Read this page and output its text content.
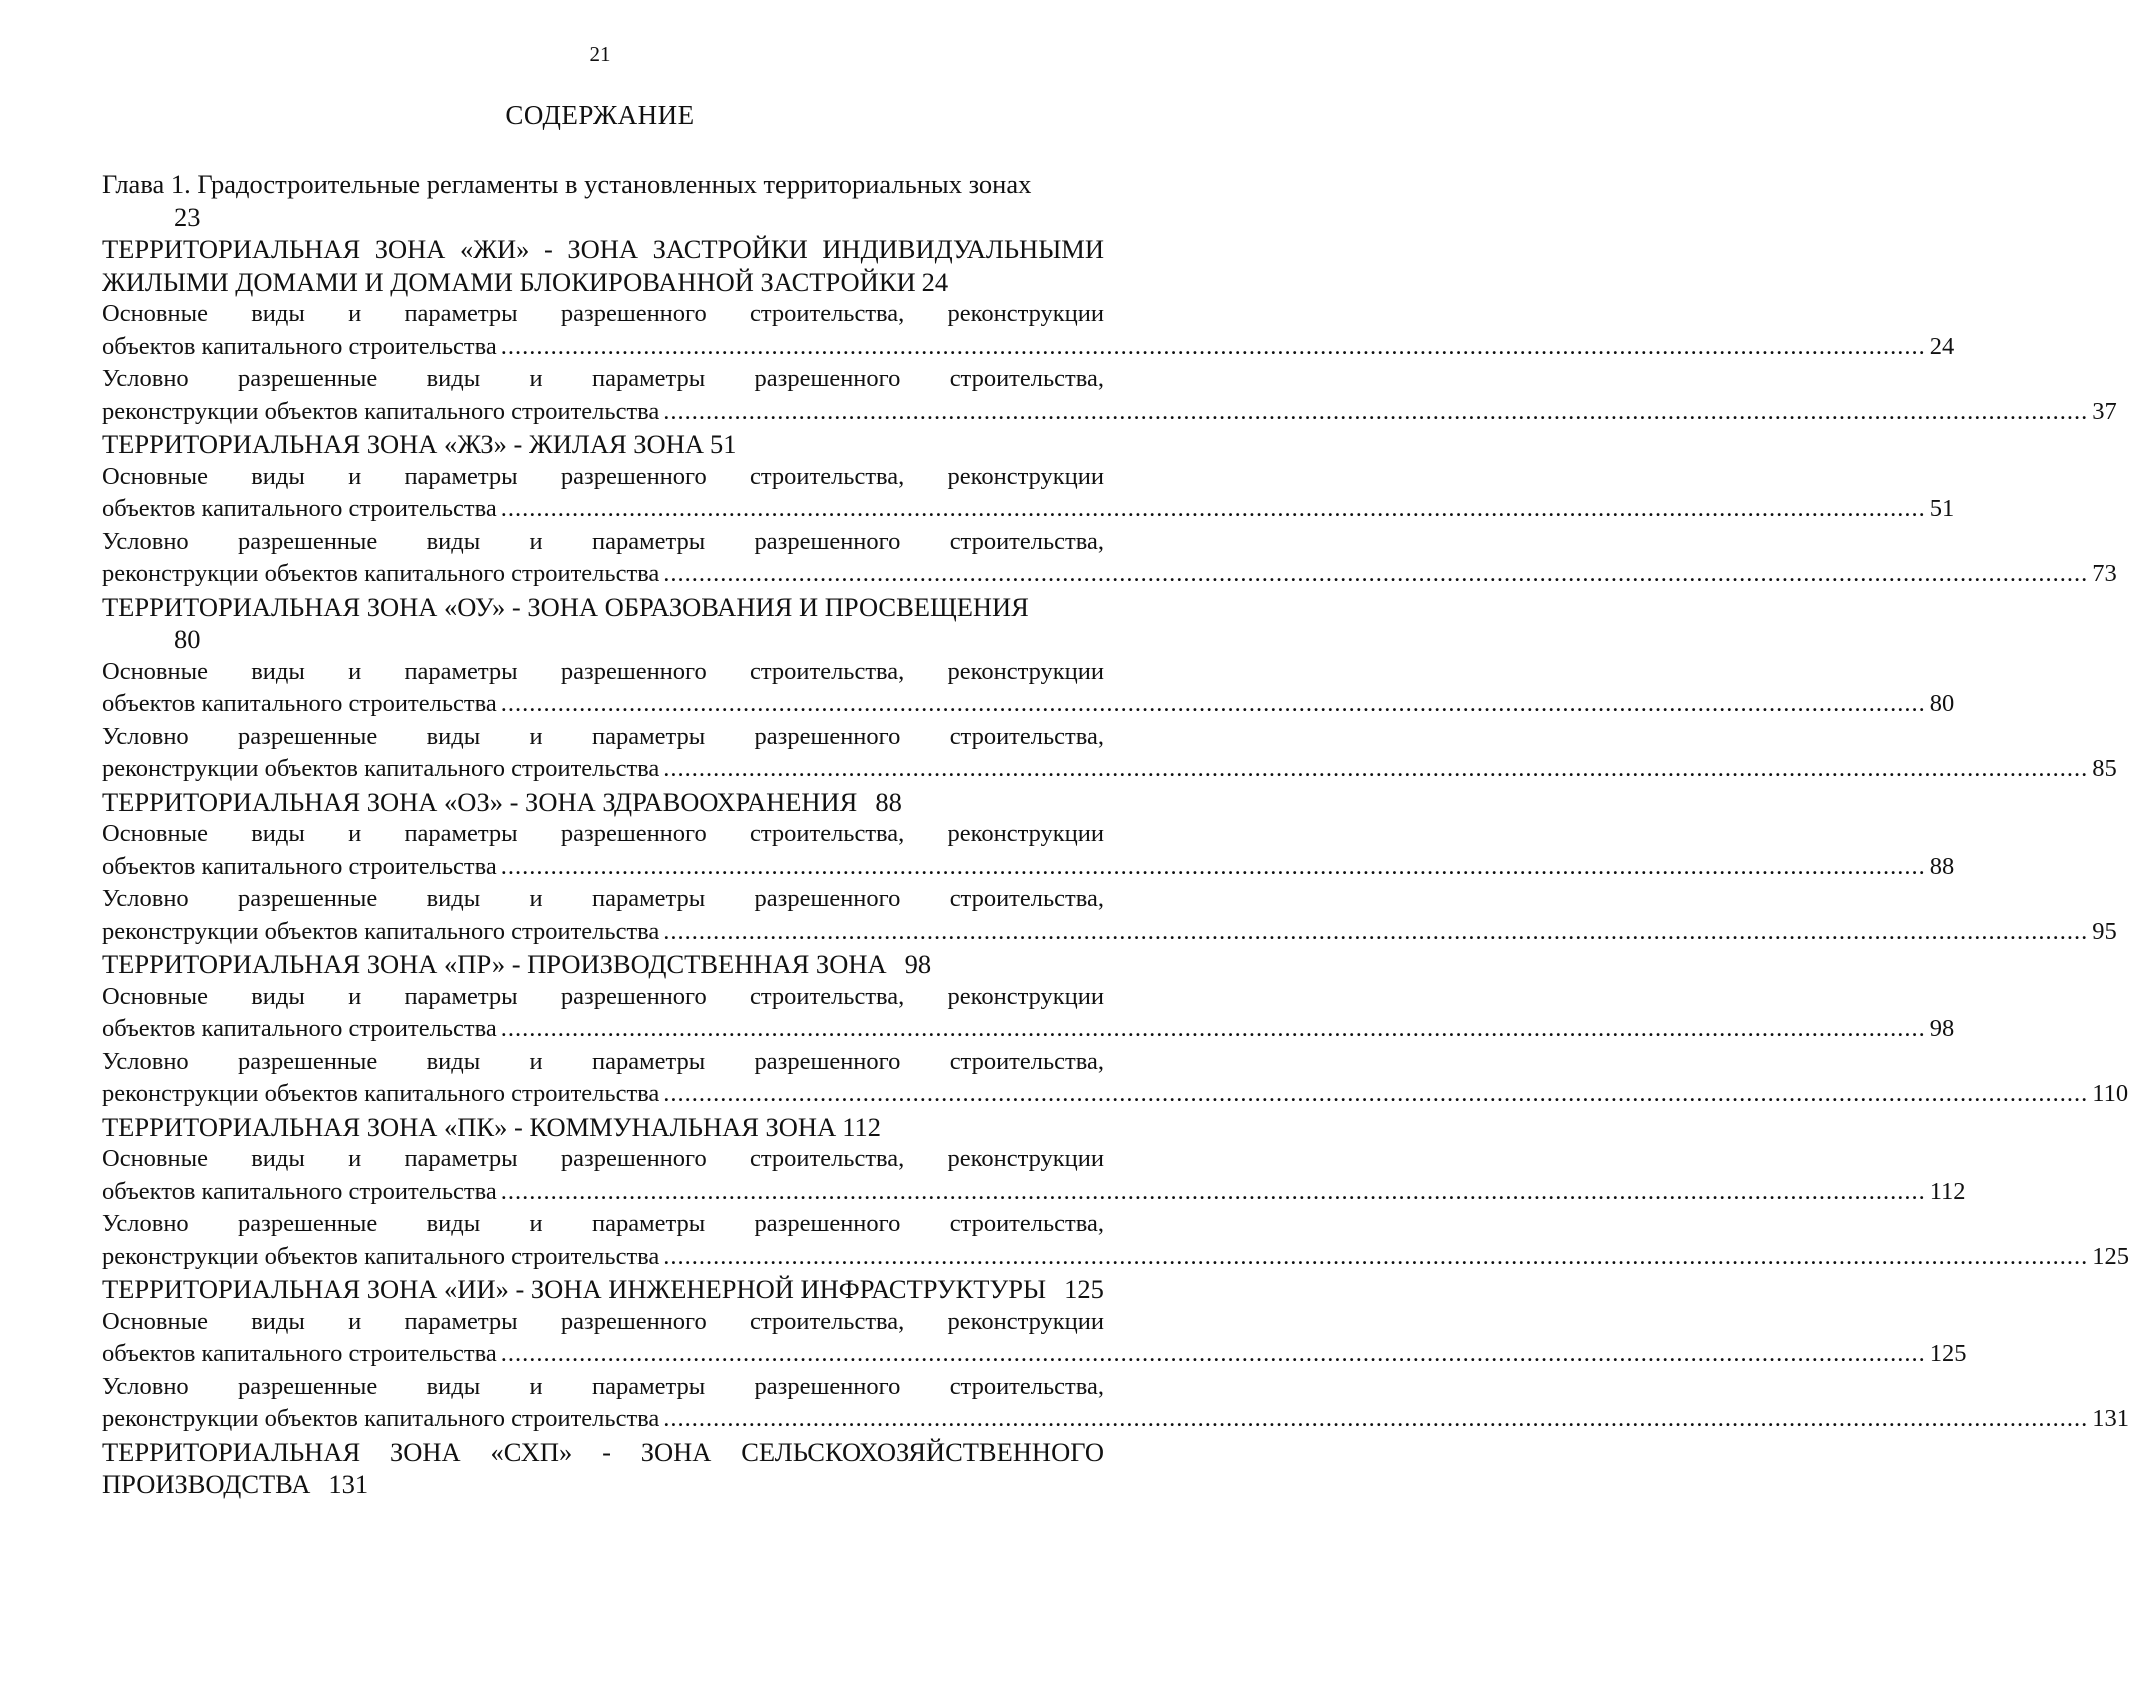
21
СОДЕРЖАНИЕ
Глава 1. Градостроительные регламенты в установленных территориальных зонах
23
ТЕРРИТОРИАЛЬНАЯ ЗОНА «ЖИ» - ЗОНА ЗАСТРОЙКИ ИНДИВИДУАЛЬНЫМИ ЖИЛЫМИ ДОМАМИ И ДОМАМИ БЛОКИРОВАННОЙ ЗАСТРОЙКИ 24
Основные виды и параметры разрешенного строительства, реконструкции
объектов капитального строительства ........................................................................................................................................................................................................ 24
Условно разрешенные виды и параметры разрешенного строительства,
реконструкции объектов капитального строительства ........................................................................................................................................................................................................ 37
ТЕРРИТОРИАЛЬНАЯ ЗОНА «ЖЗ» - ЖИЛАЯ ЗОНА 51
Основные виды и параметры разрешенного строительства, реконструкции
объектов капитального строительства ........................................................................................................................................................................................................ 51
Условно разрешенные виды и параметры разрешенного строительства,
реконструкции объектов капитального строительства ........................................................................................................................................................................................................ 73
ТЕРРИТОРИАЛЬНАЯ ЗОНА «ОУ» - ЗОНА ОБРАЗОВАНИЯ И ПРОСВЕЩЕНИЯ
80
Основные виды и параметры разрешенного строительства, реконструкции
объектов капитального строительства ........................................................................................................................................................................................................ 80
Условно разрешенные виды и параметры разрешенного строительства,
реконструкции объектов капитального строительства ........................................................................................................................................................................................................ 85
ТЕРРИТОРИАЛЬНАЯ ЗОНА «ОЗ» - ЗОНА ЗДРАВООХРАНЕНИЯ 88
Основные виды и параметры разрешенного строительства, реконструкции
объектов капитального строительства ........................................................................................................................................................................................................ 88
Условно разрешенные виды и параметры разрешенного строительства,
реконструкции объектов капитального строительства ........................................................................................................................................................................................................ 95
ТЕРРИТОРИАЛЬНАЯ ЗОНА «ПР» - ПРОИЗВОДСТВЕННАЯ ЗОНА 98
Основные виды и параметры разрешенного строительства, реконструкции
объектов капитального строительства ........................................................................................................................................................................................................ 98
Условно разрешенные виды и параметры разрешенного строительства,
реконструкции объектов капитального строительства ........................................................................................................................................................................................................ 110
ТЕРРИТОРИАЛЬНАЯ ЗОНА «ПК» - КОММУНАЛЬНАЯ ЗОНА 112
Основные виды и параметры разрешенного строительства, реконструкции
объектов капитального строительства ........................................................................................................................................................................................................ 112
Условно разрешенные виды и параметры разрешенного строительства,
реконструкции объектов капитального строительства ........................................................................................................................................................................................................ 125
ТЕРРИТОРИАЛЬНАЯ ЗОНА «ИИ» - ЗОНА ИНЖЕНЕРНОЙ ИНФРАСТРУКТУРЫ 125
Основные виды и параметры разрешенного строительства, реконструкции
объектов капитального строительства ........................................................................................................................................................................................................ 125
Условно разрешенные виды и параметры разрешенного строительства,
реконструкции объектов капитального строительства ........................................................................................................................................................................................................ 131
ТЕРРИТОРИАЛЬНАЯ ЗОНА «СХП» - ЗОНА СЕЛЬСКОХОЗЯЙСТВЕННОГО ПРОИЗВОДСТВА 131
